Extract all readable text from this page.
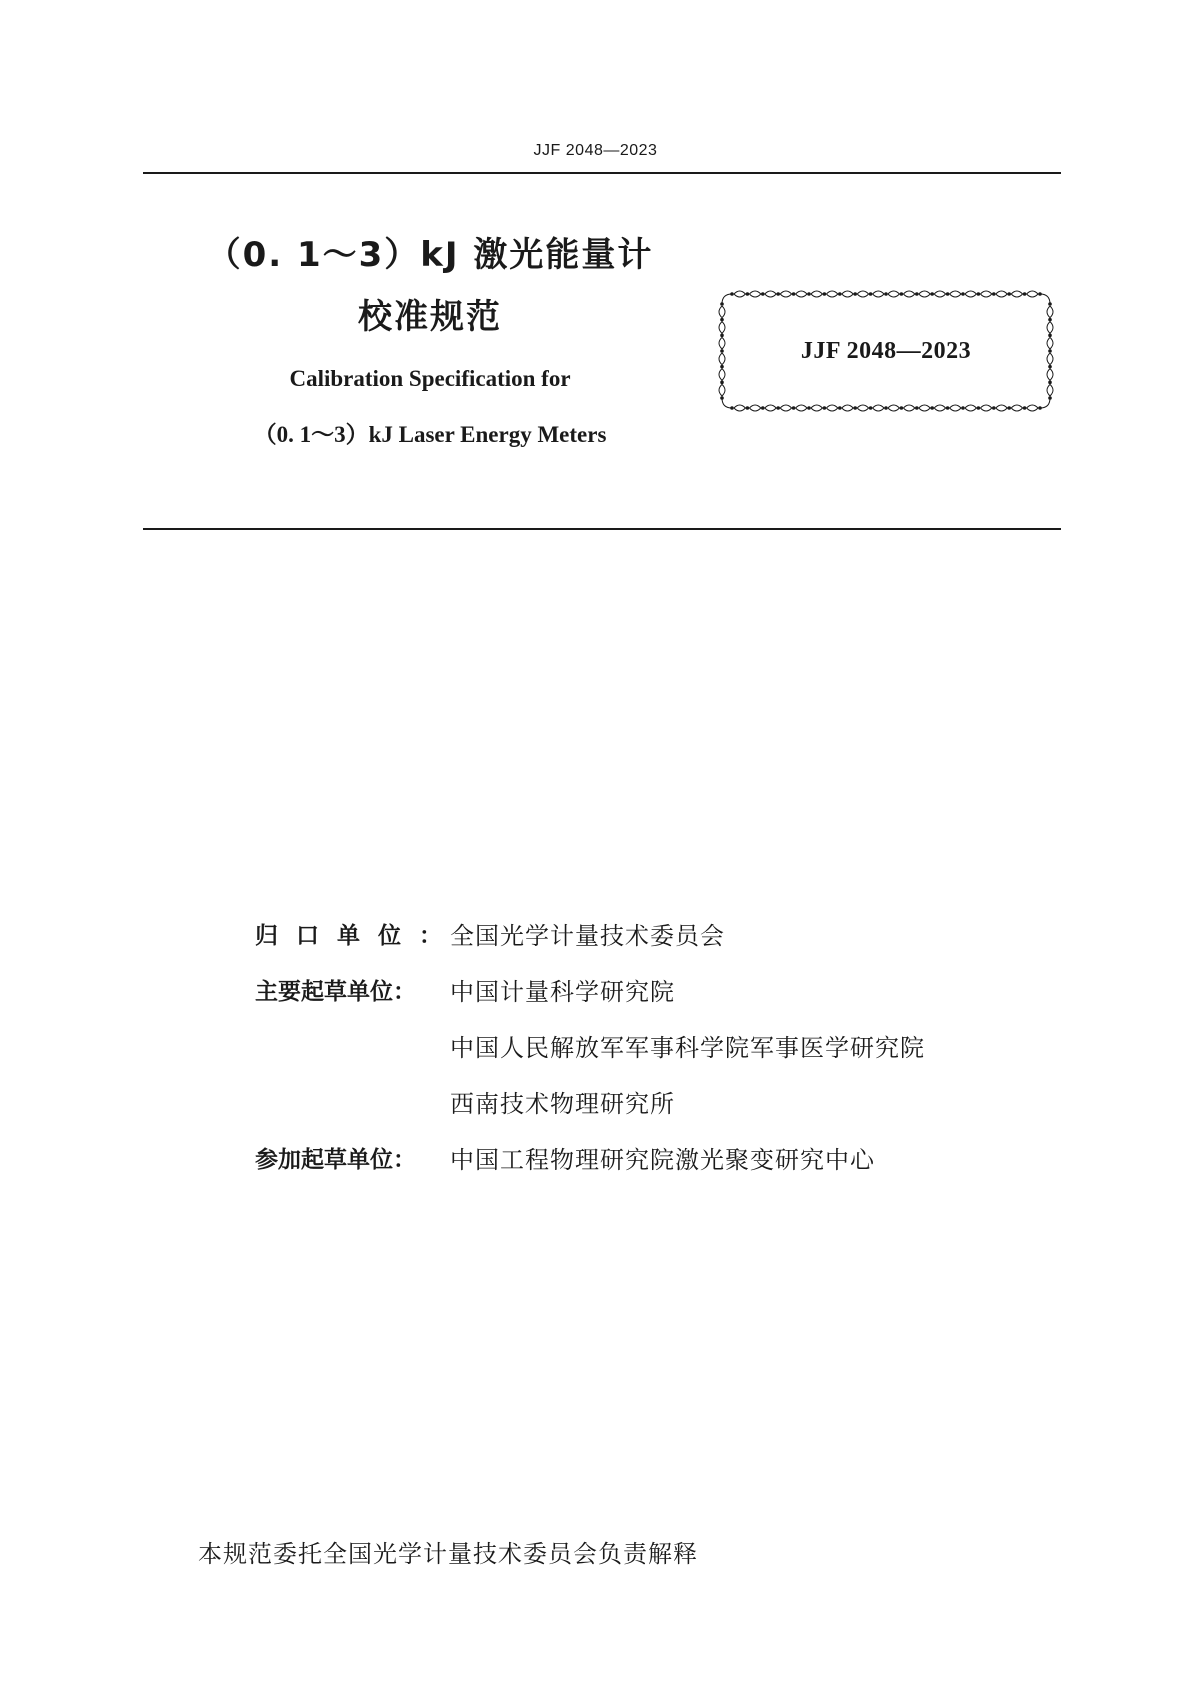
JJF 2048—2023
（0. 1～3）kJ 激光能量计
校准规范
Calibration Specification for
（0. 1～3）kJ Laser Energy Meters
JJF 2048—2023
归口单位： 全国光学计量技术委员会
主要起草单位：	中国计量科学研究院
中国人民解放军军事科学院军事医学研究院
西南技术物理研究所
参加起草单位：	中国工程物理研究院激光聚变研究中心
本规范委托全国光学计量技术委员会负责解释
